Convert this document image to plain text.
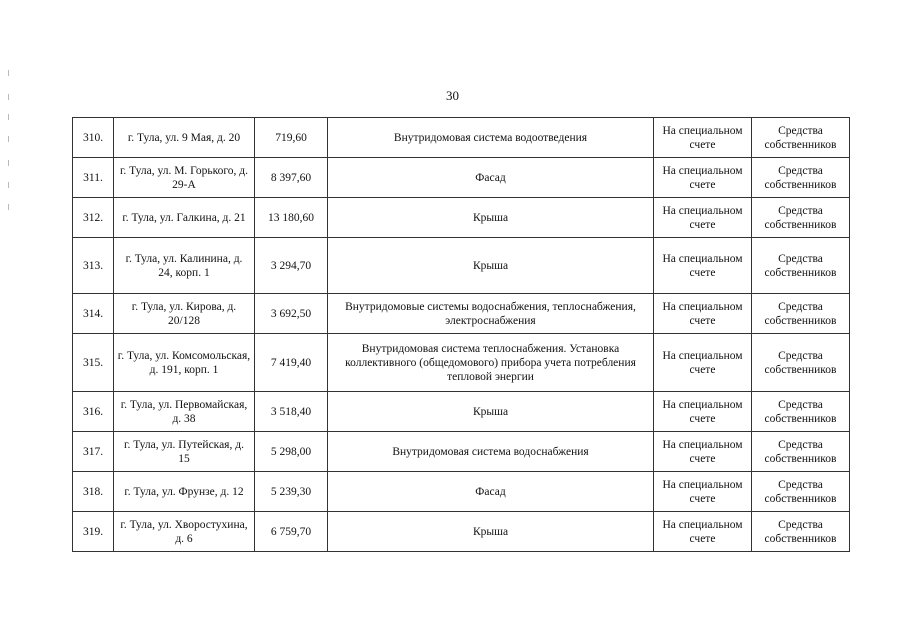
30
310.	г. Тула, ул. 9 Мая, д. 20	719,60	Внутридомовая система водоотведения	На специальном счете	Средства собственников
311.	г. Тула, ул. М. Горького, д. 29-А	8 397,60	Фасад	На специальном счете	Средства собственников
312.	г. Тула, ул. Галкина, д. 21	13 180,60	Крыша	На специальном счете	Средства собственников
313.	г. Тула, ул. Калинина, д. 24, корп. 1	3 294,70	Крыша	На специальном счете	Средства собственников
314.	г. Тула, ул. Кирова, д. 20/128	3 692,50	Внутридомовые системы водоснабжения, теплоснабжения, электроснабжения	На специальном счете	Средства собственников
315.	г. Тула, ул. Комсомольская, д. 191, корп. 1	7 419,40	Внутридомовая система теплоснабжения. Установка коллективного (общедомового) прибора учета потребления тепловой энергии	На специальном счете	Средства собственников
316.	г. Тула, ул. Первомайская, д. 38	3 518,40	Крыша	На специальном счете	Средства собственников
317.	г. Тула, ул. Путейская, д. 15	5 298,00	Внутридомовая система водоснабжения	На специальном счете	Средства собственников
318.	г. Тула, ул. Фрунзе, д. 12	5 239,30	Фасад	На специальном счете	Средства собственников
319.	г. Тула, ул. Хворостухина, д. 6	6 759,70	Крыша	На специальном счете	Средства собственников
